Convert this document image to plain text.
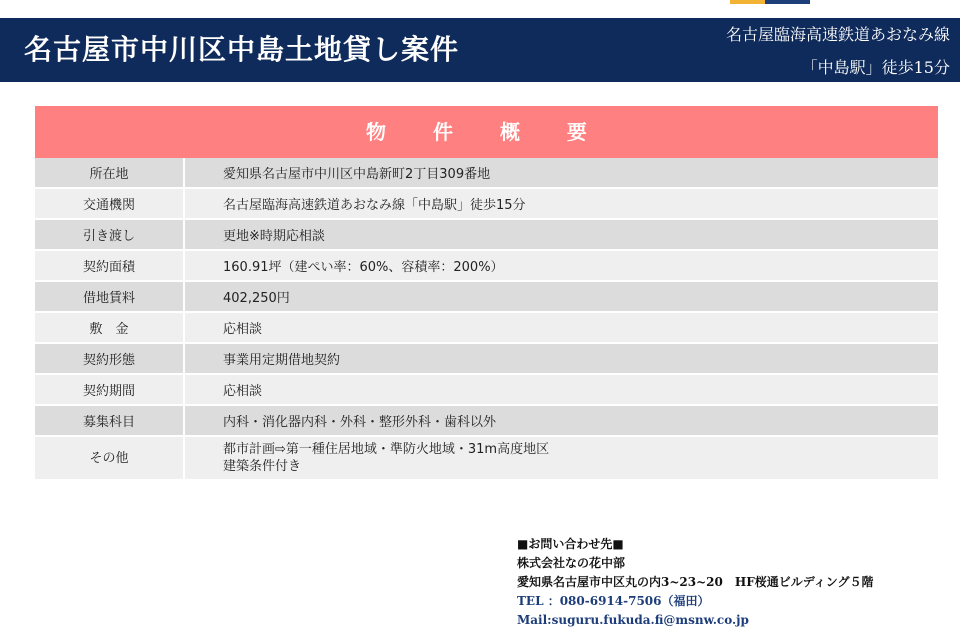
名古屋市中川区中島土地貸し案件	名古屋臨海高速鉄道あおなみ線
「中島駅」徒歩15分
物 件 概 要
所在地	愛知県名古屋市中川区中島新町2丁目309番地
交通機関	名古屋臨海高速鉄道あおなみ線「中島駅」徒歩15分
引き渡し	更地※時期応相談
契約面積	160.91坪（建ぺい率：60%、容積率：200%）
借地賃料	402,250円
敷　金	応相談
契約形態	事業用定期借地契約
契約期間	応相談
募集科目	内科・消化器内科・外科・整形外科・歯科以外
その他	都市計画⇨第一種住居地域・準防火地域・31m高度地区
建築条件付き
■お問い合わせ先■
株式会社なの花中部
愛知県名古屋市中区丸の内3~23~20　HF桜通ビルディング５階
TEL ：080-6914-7506（福田）
Mail:suguru.fukuda.fi@msnw.co.jp
